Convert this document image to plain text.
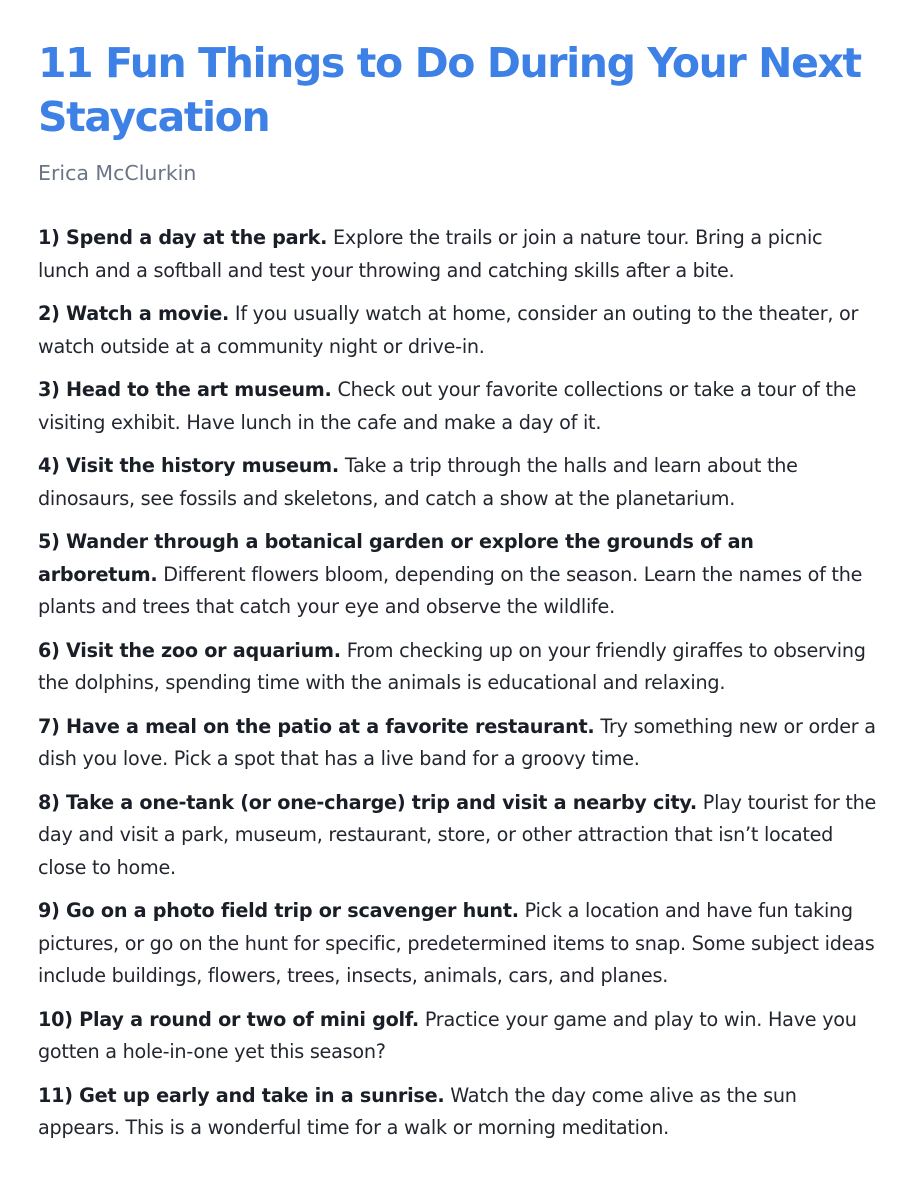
11 Fun Things to Do During Your Next Staycation
Erica McClurkin
1) Spend a day at the park. Explore the trails or join a nature tour. Bring a picnic lunch and a softball and test your throwing and catching skills after a bite.
2) Watch a movie. If you usually watch at home, consider an outing to the theater, or watch outside at a community night or drive-in.
3) Head to the art museum. Check out your favorite collections or take a tour of the visiting exhibit. Have lunch in the cafe and make a day of it.
4) Visit the history museum. Take a trip through the halls and learn about the dinosaurs, see fossils and skeletons, and catch a show at the planetarium.
5) Wander through a botanical garden or explore the grounds of an arboretum. Different flowers bloom, depending on the season. Learn the names of the plants and trees that catch your eye and observe the wildlife.
6) Visit the zoo or aquarium. From checking up on your friendly giraffes to observing the dolphins, spending time with the animals is educational and relaxing.
7) Have a meal on the patio at a favorite restaurant. Try something new or order a dish you love. Pick a spot that has a live band for a groovy time.
8) Take a one-tank (or one-charge) trip and visit a nearby city. Play tourist for the day and visit a park, museum, restaurant, store, or other attraction that isn’t located close to home.
9) Go on a photo field trip or scavenger hunt. Pick a location and have fun taking pictures, or go on the hunt for specific, predetermined items to snap. Some subject ideas include buildings, flowers, trees, insects, animals, cars, and planes.
10) Play a round or two of mini golf. Practice your game and play to win. Have you gotten a hole-in-one yet this season?
11) Get up early and take in a sunrise. Watch the day come alive as the sun appears. This is a wonderful time for a walk or morning meditation.
